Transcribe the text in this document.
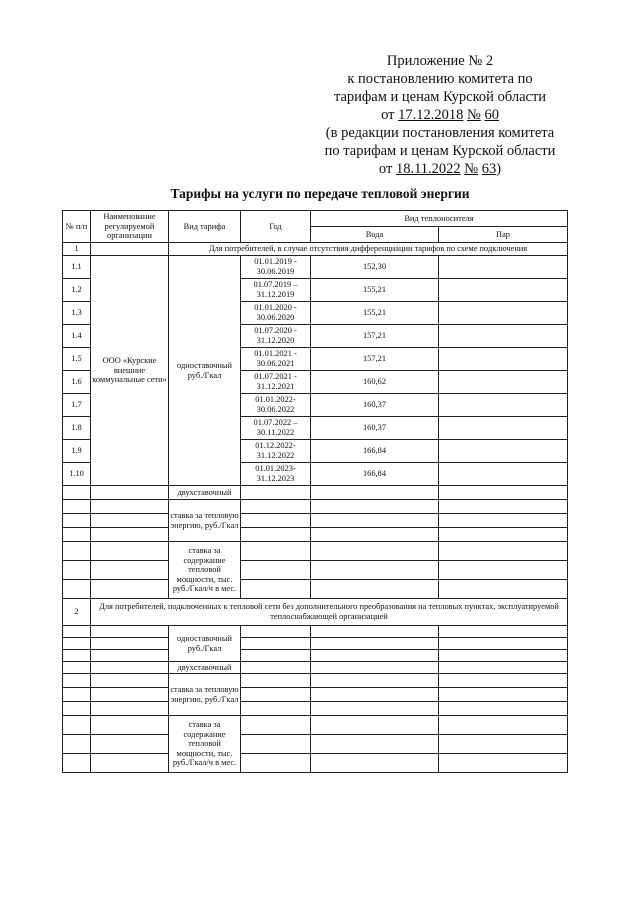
Приложение № 2
к постановлению комитета по
тарифам и ценам Курской области
от 17.12.2018 № 60
(в редакции постановления комитета
по тарифам и ценам Курской области
от 18.11.2022 № 63)
Тарифы на услуги по передаче тепловой энергии
№ п/п	Наименование регулируемой организации	Вид тарифа	Год	Вид теплоносителя	
				Вода	Пар
1		Для потребителей, в случае отсутствия дифференциации тарифов по схеме подключения			
1.1	ООО «Курские внешние коммунальные сети»	одноставочный руб./Гкал	01.01.2019 - 30.06.2019	152,30	
1.2			01.07.2019 – 31.12.2019	155,21	
1.3			01.01.2020 - 30.06.2020	155,21	
1.4			01.07.2020 - 31.12.2020	157,21	
1.5			01.01.2021 - 30.06.2021	157,21	
1.6			01.07.2021 - 31.12.2021	160,62	
1.7			01.01.2022- 30.06.2022	160,37	
1.8			01.07.2022 – 30.11.2022	160,37	
1.9			01.12.2022- 31.12.2022	166,84	
1.10			01.01.2023- 31.12.2023	166,84	
		двухставочный			
		ставка за тепловую энергию, руб./Гкал			

		ставка за содержание тепловой мощности, тыс. руб./Гкал/ч в мес.			

2	Для потребителей, подключенных к тепловой сети без дополнительного преобразования на тепловых пунктах, эксплуатируемой теплоснабжающей организацией				
		одноставочный руб./Гкал			

		двухставочный			
		ставка за тепловую энергию, руб./Гкал			

		ставка за содержание тепловой мощности, тыс. руб./Гкал/ч в мес.			
